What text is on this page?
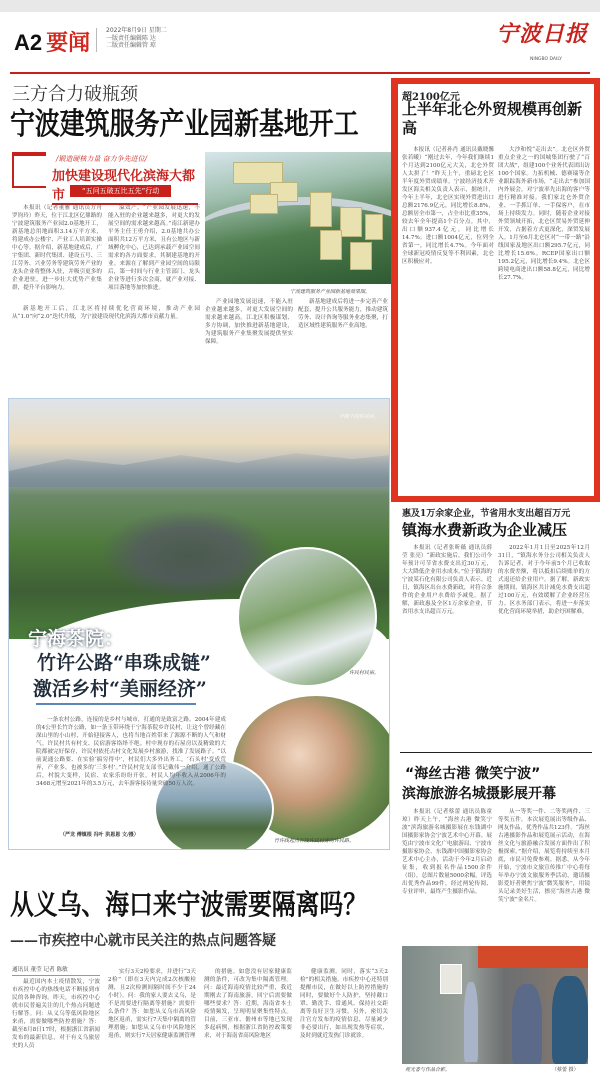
A2 要闻	2022年8月9日 星期二
一版责任编辑陈 达
二版责任编辑管 琼	宁波日报
NINGBO DAILY
三方合力破瓶颈
宁波建筑服务产业园新基地开工
/锻造硬核力量 奋力争先进位/
加快建设现代化滨海大都市	“五问五破五比五先”行动
本报讯（记者董雅 通讯员方舟 罗钧玲）昨天，位于江北区亿鼎路的宁波建筑服务产业园2.0基地开工，新基地总用地面积3.14万平方米，将建成办公楼宇、产业工人培训实操中心等。据介绍，新基地建成后，广宇集团、新时代集团、建设五号、三江劳务、兴业劳务等建筑劳务产业的龙头企业将整体入驻，并吸引更多的企业进驻，进一步壮大优势产业集群，提升平台影响力。
溢效产。“产业园发展迅速，不能入驻的企业越来越多，对更大的发展空间的需求越来越高。”南江新建办平务主任王勇介绍，2.0基地共办公面积共12万平方米，且有公地区与新域孵化中心，已达到承载产业园空间需求的各方面要求，其制建基地的开业。来源在了解到产业园空间的局限后，第一时间与行业主管部门、龙头企业等进行多次会商，就产业对接、项目落地等加快推进。
宁波建筑服务产业园新基地效果图。
产业园地发展迅速，不能入驻企业越来越多，对更大发展空间的需求越来越高。江北区积极谋划、多方协调，加快推进新基地建设，为建筑服务产业集聚发展提供坚实保障。
新基地建成后将进一步完善产业配套，提升公共服务能力，推动建筑劳务、设计咨询等服务业态集聚，打造区域性建筑服务产业高地。
新基地开工后，江北区将持续优化营商环境，推动产业园从“1.0”向“2.0”迭代升级，为宁波建设现代化滨海大都市贡献力量。
超2100亿元
上半年北仑外贸规模再创新高
本报讯（记者孙肖 通讯员戴晓馨 张若曦）“刚过去年，今年我们继续1个月达到2100亿元大关，北仑外贸人太拼了！”昨天上午，重磅北仑区半年度外贸成绩单。宁波经济技术开发区海关相关负责人表示，据统计，今年上半年，北仑区实现外贸进出口总额2176.9亿元，同比增长8.8%，总额居全市第一，占全市比重35%，较去年全年提高1个百分点。其中，出口额937.4亿元，同比增长14.7%；进口额1004亿元，位列全省第一，同比增长4.7%。今年面对全球新冠疫情反复等不利因素，北仑区积极应对。
大沙和悦“走出去”。北仑区外贸重点企业之一的国城集团行驶了“百团大战”，组建100个业务代表团出访100个国家。力拓机械、德赛瑞等企业跟踪海外新市场，“走出去”参加国内外展会，对宁波率先出海的客户等进行精准对接。我们家北仑外贸企业、一手抓订单、一手保客户，在市场上持续发力。同时，随着企业对接外贸领域开拓，北仑区贸易外贸延伸开发，占据着方式更深化，深贸发展入。1月至6月北仑区对“一带一路”沿线国家及地区出口额295.7亿元，同比增长15.6%。RCEP国家出口额195.2亿元，同比增长9.4%。北仑区跨境电商进出口额58.8亿元，同比增长27.7%。
夕阳下的许民村。
许民村民宿。
竹许线起点有段许民村旁的许民路。
宁海茶院：
竹许公路“串珠成链”
激活乡村“美丽经济”
一条农村公路，连接的是乡村与城市，打通的是致富之路。2004年建成的4公里长竹许公路，如一条玉带环绕于宁海茶院乡许民村，让这个曾经藏在深山里的小山村，开始迎接客人，也将当地百姓带来了源源不断的人气和财气。许民村共有村支、民宿游客络绎不绝。村中现存的石屋房以及精致的大院都被完好保存，许民村依托古村文化发展乡村旅游，找准了发展路子。“以前说通公路要、在实验‘搞穷得中’，村民们大多外出务工，‘石头村’变成荒弃，产业多，也被多的‘三多村’。”许民村党支部书记戴伟一介绍，通了公路后，村貌大变样，民宿、农家乐纷纷开张，村民人均年收入从2006年的3468元增至2021年的3.5万元，去年游客接待量突破50万人次。
（严龙 傅镇根 冯叶 洪恩恩 文/摄）
惠及1万余家企业，节省用水支出超百万元
镇海水费新政为企业减压
本报讯（记者张昕薇 通讯员薛莹 张亮）“新政实施后，我们公司今年预计可节省水费支出近30万元，大大降低企业用水成本。”位于镇海的宁波某石化有限公司负责人表示。近日，镇海区出台水费新政，对符合条件的企业用户水费给予减免。据了解，新政惠及全区1万余家企业，节省用水支出超百万元。
2022年1月1日至2025年12月31日，“镇海水务分公司相关负责人告诉记者，对于今年前5个月已收取的水费差额，将以抵扣后续账单的方式退还给企业用户。据了解，新政实施期间，镇海区共计减免水费支出超过100万元，有效缓解了企业经营压力。区水务部门表示，将进一步落实优化营商环境举措，助企纾困解难。
“海丝古港 微笑宁波”
滨海旅游名城摄影展开幕
本报讯（记者蔡蕾 通讯员陈童琼）昨天上午，“海丝古港 微笑宁波”滨海旅游名城摄影展在东钱湖中国摄影家协会宁波艺术中心开幕。展览由宁波市文化广电旅游局、宁波市摄影家协会、东钱湖中国摄影家协会艺术中心主办，活动于今年2月启动征集，收到报名作品1500余件（组），总图片数量5000余幅，评选出优秀作品99件，经过两轮传阅、专业评审，最终产生摄影作品。
从一等奖一件、二等奖两件、三等奖五件，本次展览展出等级作品、网友作品，优秀作品共123件。“海丝古港摄影作品和展览展示活动，在海丝文化与旅游融合发展方面作出了积极探索。”据介绍，展览将持续至本月底，市民可免费参观。据悉，从今年开始，宁波市文旅宣传推广中心将每年举办宁波文旅服务季活动，邀请摄影爱好者聚焦宁波“微笑服务”，用镜头记录美好生活，擦亮“海丝古港 微笑宁波”金名片。
观光者与作品合影。	（蔡蕾 摄）
从义乌、海口来宁波需要隔离吗？
——市疾控中心就市民关注的热点问题答疑
通讯员 董莹 记者 陈敏
最近国内本土疫情散发，宁波市疾控中心的热线电话不断接到市民的各种咨询。昨天，市疾控中心就市民普遍关注的几个热点问题进行解答。问：从义乌等低风险地区来甬，需要做哪些防控措施？答：截至8月8日17时，根据浙江省新闻发布的最新信息，对于有义乌旅居史的人员
实行3天2检要求，并进行“3天2检”（即在3天内完成2次核酸检测，且2次检测间隔时间不少于24小时）。问：我的家人要去义乌，是不是需要进行隔离等措施？需要什么条件？答：如您从义乌市高风险地区返甬，需实行7天集中隔离的管理措施；如您从义乌市中风险地区返甬，则实行7天居家健康监测管理
的措施。如您没有居家健康监测的条件，可改为集中隔离管理。问：最近海南疫情比较严重，我近期刚去了海南旅游，回宁后需要做哪些要求？答：近期，海南省本土疫情频发，呈现明显聚集性特点。目前，三亚市、儋州市等地已发现多起病例，根据浙江省防控政策要求，对于海南省高风险地区
健康监测。同时，落实“3天2检”的相关措施。市疾控中心还特别提醒市民，在做好以上防控措施的同时，要做好个人防护，坚持戴口罩、勤洗手、常通风、保持社交距离等良好卫生习惯。另外，密切关注官方发布的疫情信息，尽量减少非必要出行，如出现发热等症状，及时到就近发热门诊就诊。
